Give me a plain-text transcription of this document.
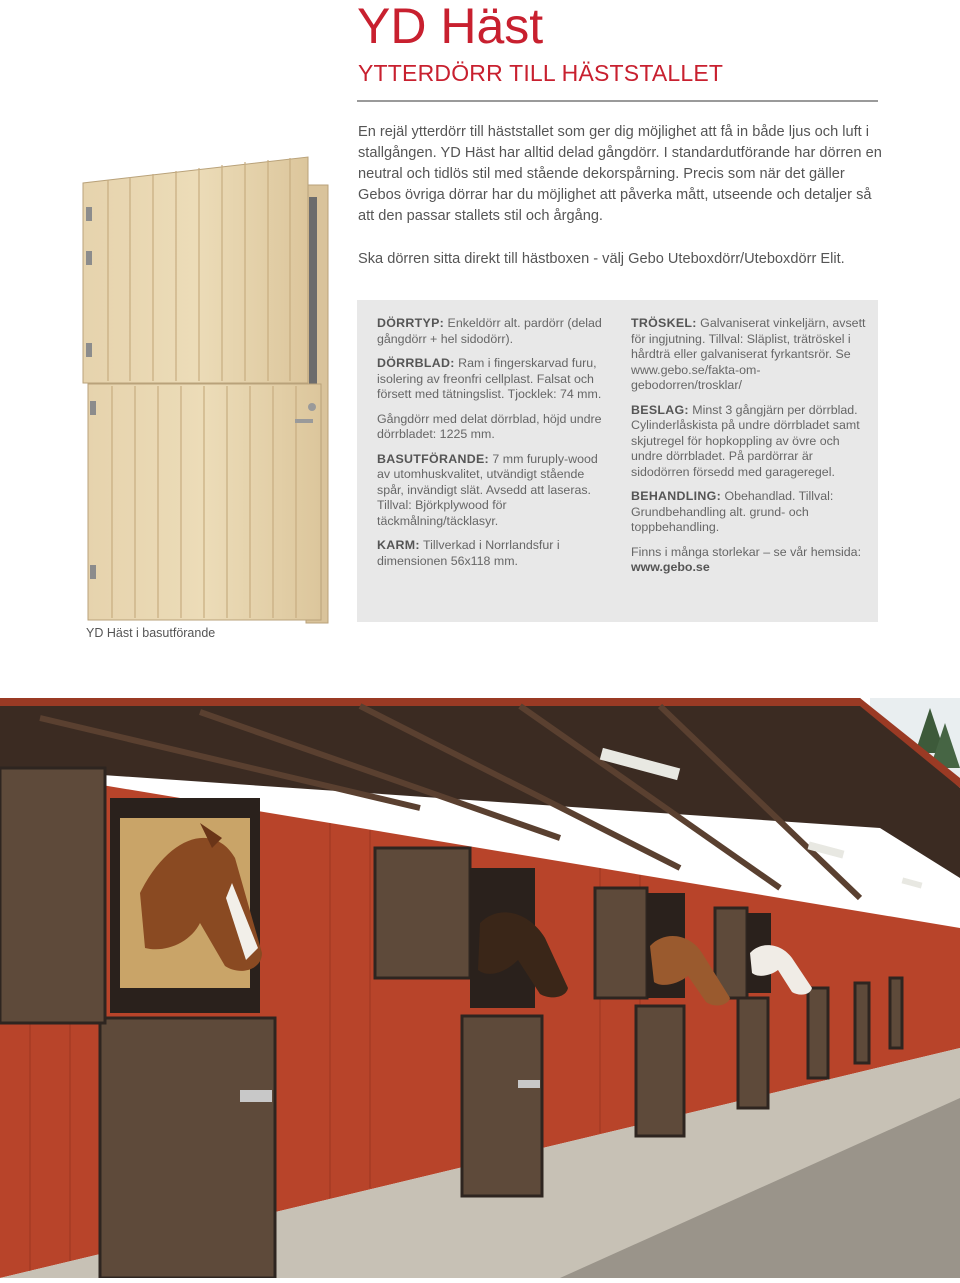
YD Häst
YTTERDÖRR TILL HÄSTSTALLET

En rejäl ytterdörr till häststallet som ger dig möjlighet att få in både ljus och luft i stallgången. YD Häst har alltid delad gångdörr. I standardutförande har dörren en neutral och tidlös stil med stående dekorspårning. Precis som när det gäller Gebos övriga dörrar har du möjlighet att påverka mått, utseende och detaljer så att den passar stallets stil och årgång.

Ska dörren sitta direkt till hästboxen - välj Gebo Uteboxdörr/Uteboxdörr Elit.

YD Häst i basutförande

DÖRRTYP: Enkeldörr alt. pardörr (delad gångdörr + hel sidodörr).

DÖRRBLAD: Ram i fingerskarvad furu, isolering av freonfri cellplast. Falsat och försett med tätningslist. Tjocklek: 74 mm.

Gångdörr med delat dörrblad, höjd undre dörrbladet: 1225 mm.

BASUTFÖRANDE: 7 mm furuply-wood av utomhuskvalitet, utvändigt stående spår, invändigt slät. Avsedd att laseras. Tillval: Björkplywood för täckmålning/täcklasyr.

KARM: Tillverkad i Norrlandsfur i dimensionen 56x118 mm.

TRÖSKEL: Galvaniserat vinkeljärn, avsett för ingjutning. Tillval: Släplist, trätröskel i hårdträ eller galvaniserat fyrkantsrör. Se www.gebo.se/fakta-om-gebodorren/trosklar/

BESLAG: Minst 3 gångjärn per dörrblad. Cylinderlåskista på undre dörrbladet samt skjutregel för hopkoppling av övre och undre dörrbladet. På pardörrar är sidodörren försedd med garageregel.

BEHANDLING: Obehandlad. Tillval: Grundbehandling alt. grund- och toppbehandling.

Finns i många storlekar – se vår hemsida: www.gebo.se
